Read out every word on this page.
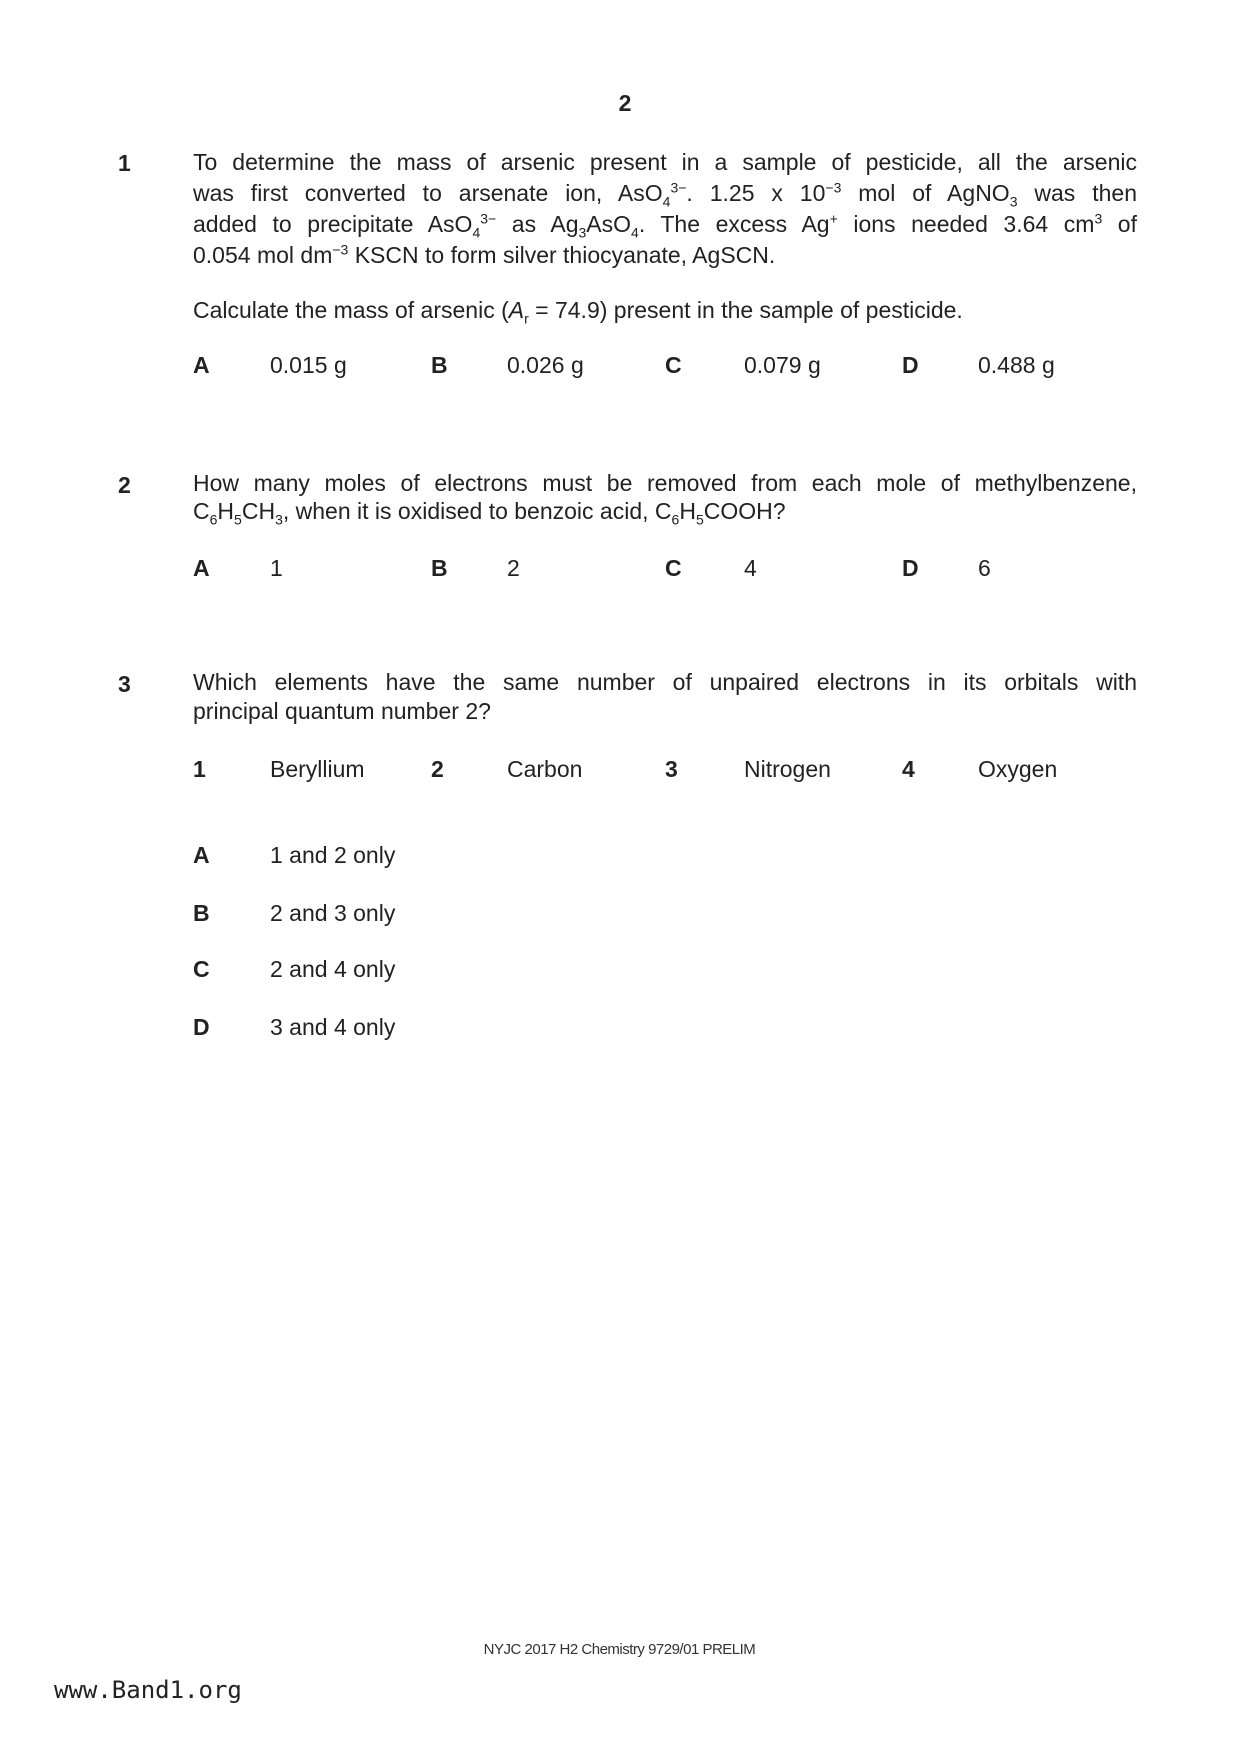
2
1	To determine the mass of arsenic present in a sample of pesticide, all the arsenic
was first converted to arsenate ion, AsO$_4^{3-}$. 1.25 x $10^{-3}$ mol of AgNO$_3$ was then
added to precipitate AsO$_4^{3-}$ as $Ag_3AsO_4$. The excess Ag+ ions needed 3.64 $cm^3$ of
0.054 mol $dm^{-3}$ KSCN to form silver thiocyanate, AgSCN.
Calculate the mass of arsenic $(A_r = 74.9)$ present in the sample of pesticide.
A	0.015 g	B	0.026 g	C	0.079 g	D	0.488 g
2	How many moles of electrons must be removed from each mole of methylbenzene,
$C_6H_5CH_3$, when it is oxidised to benzoic acid, $C_6H_5COOH$?
A	1	B	2	C	4	D	6
3	Which elements have the same number of unpaired electrons in its orbitals with
principal quantum number 2?
1	Beryllium	2	Carbon	3	Nitrogen	4	Oxygen
A	1 and 2 only
B	2 and 3 only
C	2 and 4 only
D	3 and 4 only
NYJC 2017 H2 Chemistry 9729/01 PRELIM
www.Band1.org
